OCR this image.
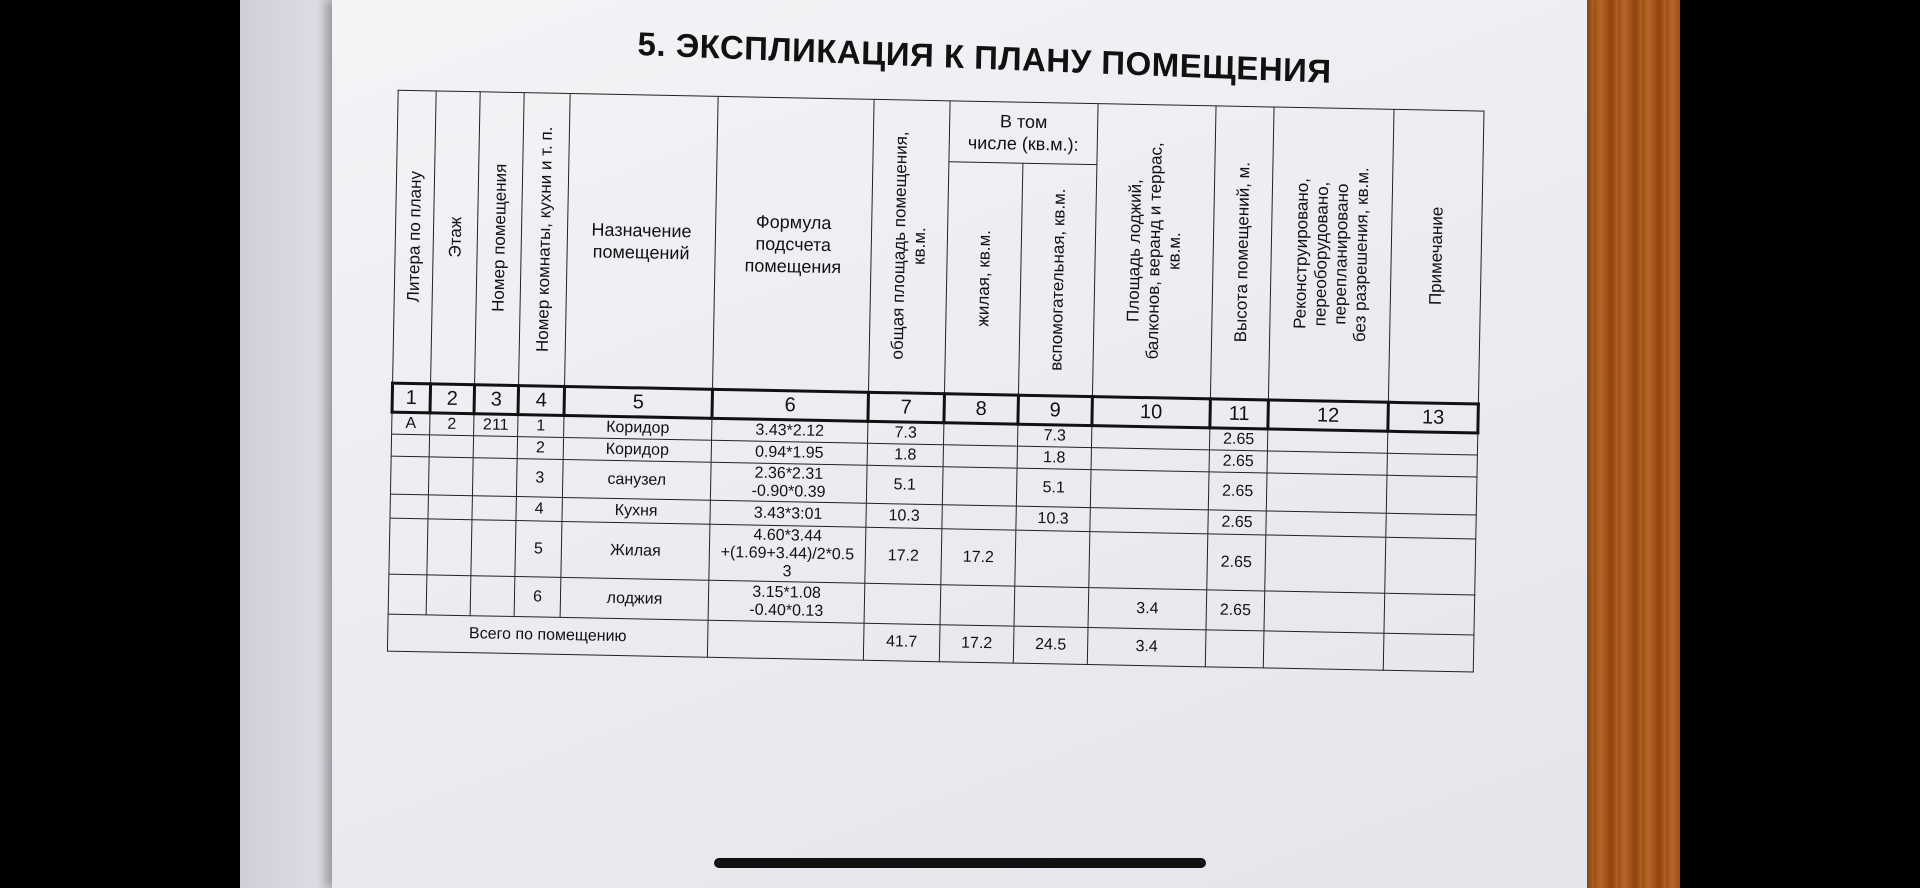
5. ЭКСПЛИКАЦИЯ К ПЛАНУ ПОМЕЩЕНИЯ
Литера по плану	Этаж	Номер помещения	Номер комнаты, кухни и т. п.	Назначение
помещений	Формула
подсчета
помещения	общая площадь помещения,
кв.м.	В том
числе (кв.м.):		Площадь лоджий,
балконов, веранд и террас,
кв.м.	Высота помещений, м.	Реконструировано,
переоборудовано,
перепланировано
без разрешения, кв.м.	Примечание

							жилая, кв.м.	вспомогательная, кв.м.				

1	2	3	4	5	6	7	8	9	10	11	12	13
А	2	211	1	Коридор	3.43*2.12	7.3		7.3		2.65		
			2	Коридор	0.94*1.95	1.8		1.8		2.65		
			3	санузел	2.36*2.31
-0.90*0.39	5.1		5.1		2.65		
			4	Кухня	3.43*3:01	10.3		10.3		2.65		
			5	Жилая	4.60*3.44
+(1.69+3.44)/2*0.5
3	17.2	17.2			2.65		
			6	лоджия	3.15*1.08
-0.40*0.13				3.4	2.65		
Всего по помещению						41.7	17.2	24.5	3.4			
